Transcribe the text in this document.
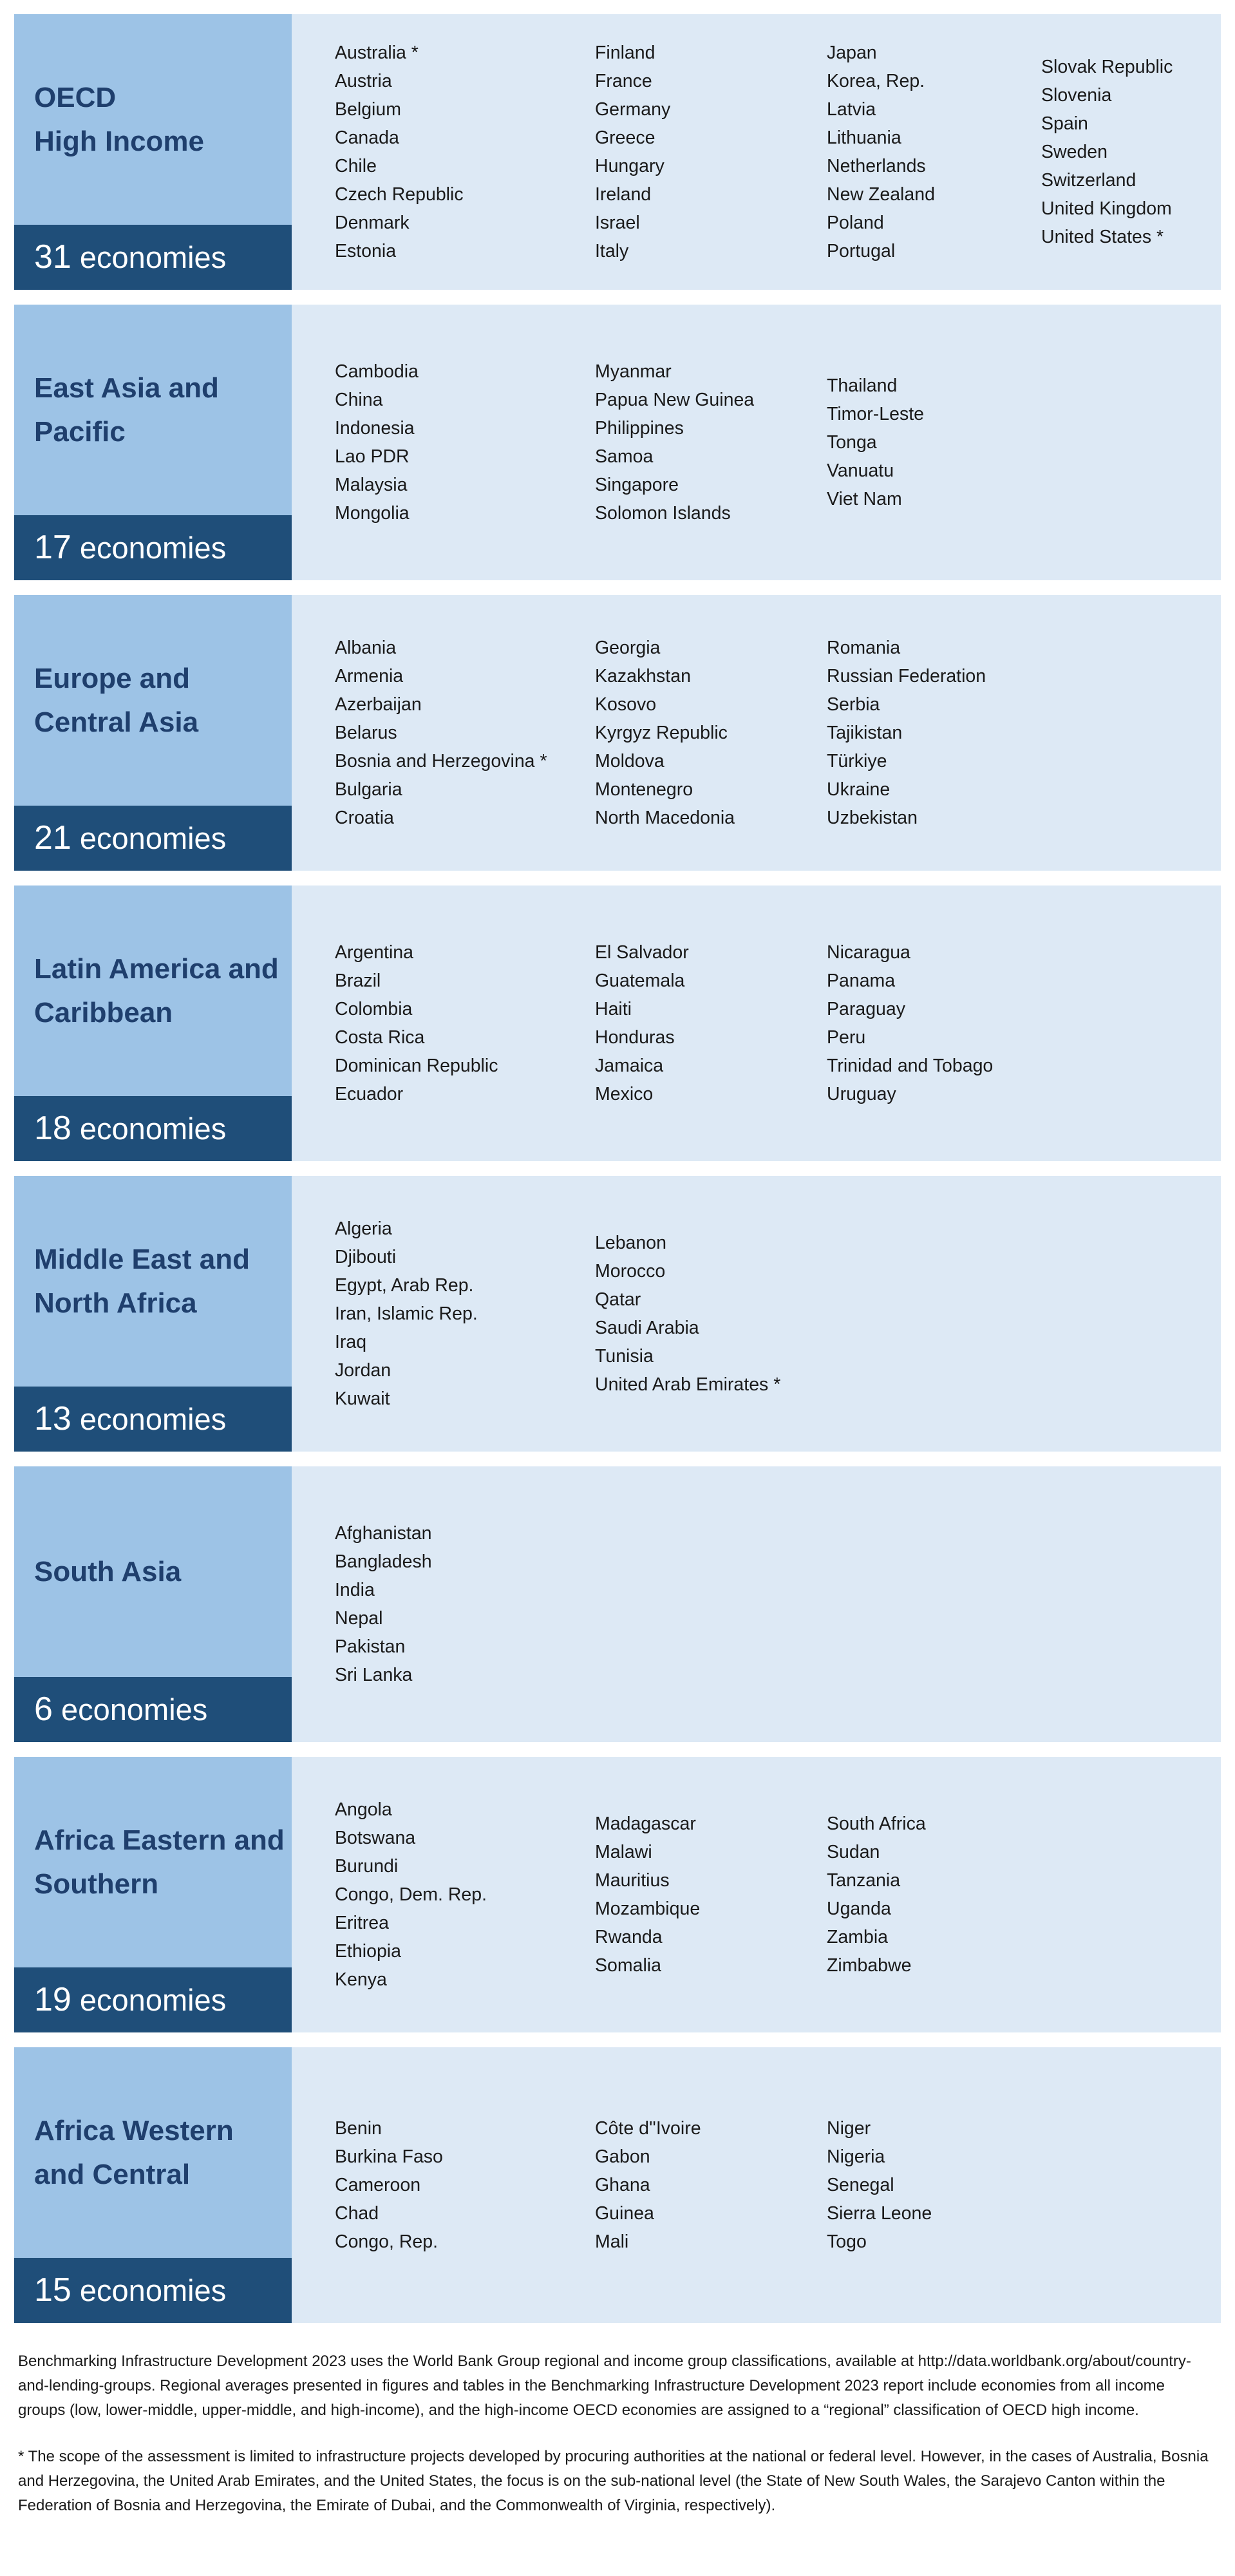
OECD
High Income
31 economies
Australia *
Austria
Belgium
Canada
Chile
Czech Republic
Denmark
Estonia
Finland
France
Germany
Greece
Hungary
Ireland
Israel
Italy
Japan
Korea, Rep.
Latvia
Lithuania
Netherlands
New Zealand
Poland
Portugal
Slovak Republic
Slovenia
Spain
Sweden
Switzerland
United Kingdom
United States *
East Asia and
Pacific
17 economies
Cambodia
China
Indonesia
Lao PDR
Malaysia
Mongolia
Myanmar
Papua New Guinea
Philippines
Samoa
Singapore
Solomon Islands
Thailand
Timor-Leste
Tonga
Vanuatu
Viet Nam
Europe and
Central Asia
21 economies
Albania
Armenia
Azerbaijan
Belarus
Bosnia and Herzegovina *
Bulgaria
Croatia
Georgia
Kazakhstan
Kosovo
Kyrgyz Republic
Moldova
Montenegro
North Macedonia
Romania
Russian Federation
Serbia
Tajikistan
Türkiye
Ukraine
Uzbekistan
Latin America and
Caribbean
18 economies
Argentina
Brazil
Colombia
Costa Rica
Dominican Republic
Ecuador
El Salvador
Guatemala
Haiti
Honduras
Jamaica
Mexico
Nicaragua
Panama
Paraguay
Peru
Trinidad and Tobago
Uruguay
Middle East and
North Africa
13 economies
Algeria
Djibouti
Egypt, Arab Rep.
Iran, Islamic Rep.
Iraq
Jordan
Kuwait
Lebanon
Morocco
Qatar
Saudi Arabia
Tunisia
United Arab Emirates *
South Asia
6 economies
Afghanistan
Bangladesh
India
Nepal
Pakistan
Sri Lanka
Africa Eastern and
Southern
19 economies
Angola
Botswana
Burundi
Congo, Dem. Rep.
Eritrea
Ethiopia
Kenya
Madagascar
Malawi
Mauritius
Mozambique
Rwanda
Somalia
South Africa
Sudan
Tanzania
Uganda
Zambia
Zimbabwe
Africa Western
and Central
15 economies
Benin
Burkina Faso
Cameroon
Chad
Congo, Rep.
Côte d''Ivoire
Gabon
Ghana
Guinea
Mali
Niger
Nigeria
Senegal
Sierra Leone
Togo

Benchmarking Infrastructure Development 2023 uses the World Bank Group regional and income group classifications, available at http://data.worldbank.org/about/country-and-lending-groups. Regional averages presented in figures and tables in the Benchmarking Infrastructure Development 2023 report include economies from all income groups (low, lower-middle, upper-middle, and high-income), and the high-income OECD economies are assigned to a “regional” classification of OECD high income.

* The scope of the assessment is limited to infrastructure projects developed by procuring authorities at the national or federal level. However, in the cases of Australia, Bosnia and Herzegovina, the United Arab Emirates, and the United States, the focus is on the sub-national level (the State of New South Wales, the Sarajevo Canton within the Federation of Bosnia and Herzegovina, the Emirate of Dubai, and the Commonwealth of Virginia, respectively).
